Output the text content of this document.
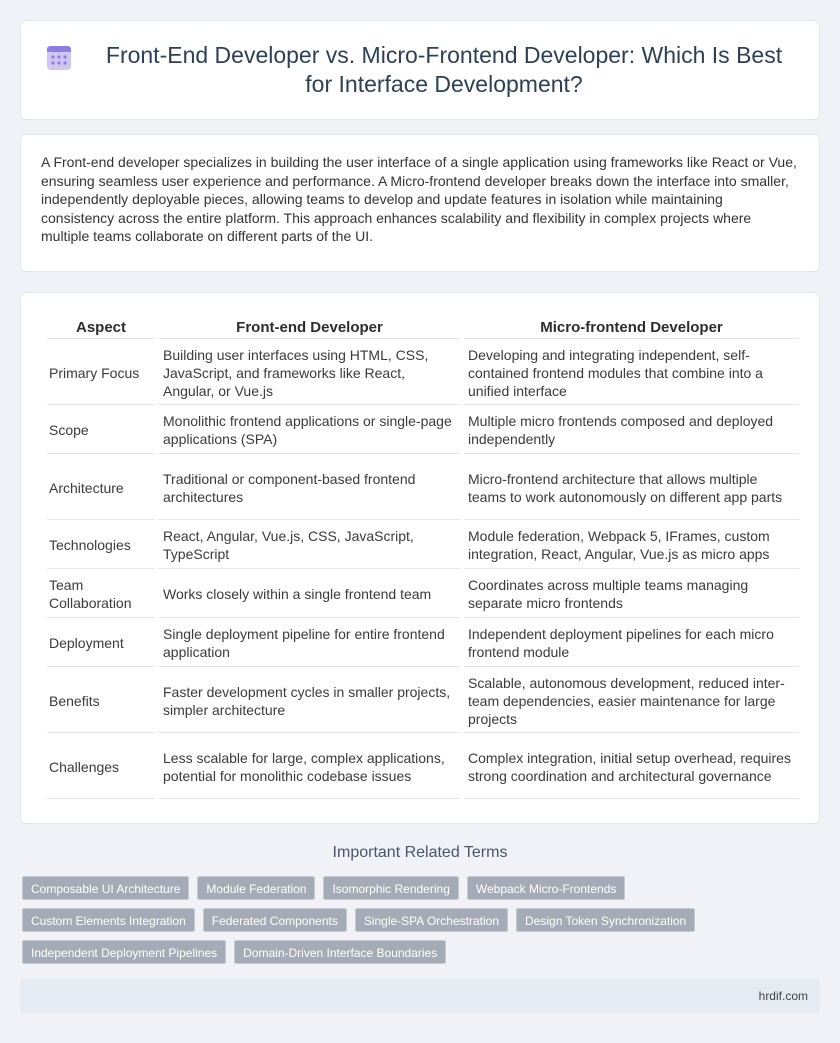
Front-End Developer vs. Micro-Frontend Developer: Which Is Best for Interface Development?

A Front-end developer specializes in building the user interface of a single application using frameworks like React or Vue, ensuring seamless user experience and performance. A Micro-frontend developer breaks down the interface into smaller, independently deployable pieces, allowing teams to develop and update features in isolation while maintaining consistency across the entire platform. This approach enhances scalability and flexibility in complex projects where multiple teams collaborate on different parts of the UI.

Aspect	Front-end Developer	Micro-frontend Developer
Primary Focus	Building user interfaces using HTML, CSS, JavaScript, and frameworks like React, Angular, or Vue.js	Developing and integrating independent, self-contained frontend modules that combine into a unified interface
Scope	Monolithic frontend applications or single-page applications (SPA)	Multiple micro frontends composed and deployed independently
Architecture	Traditional or component-based frontend architectures	Micro-frontend architecture that allows multiple teams to work autonomously on different app parts
Technologies	React, Angular, Vue.js, CSS, JavaScript, TypeScript	Module federation, Webpack 5, IFrames, custom integration, React, Angular, Vue.js as micro apps
Team Collaboration	Works closely within a single frontend team	Coordinates across multiple teams managing separate micro frontends
Deployment	Single deployment pipeline for entire frontend application	Independent deployment pipelines for each micro frontend module
Benefits	Faster development cycles in smaller projects, simpler architecture	Scalable, autonomous development, reduced inter-team dependencies, easier maintenance for large projects
Challenges	Less scalable for large, complex applications, potential for monolithic codebase issues	Complex integration, initial setup overhead, requires strong coordination and architectural governance
Important Related Terms
Composable UI Architecture	Module Federation	Isomorphic Rendering	Webpack Micro-Frontends
Custom Elements Integration	Federated Components	Single-SPA Orchestration	Design Token Synchronization
Independent Deployment Pipelines	Domain-Driven Interface Boundaries
hrdif.com
